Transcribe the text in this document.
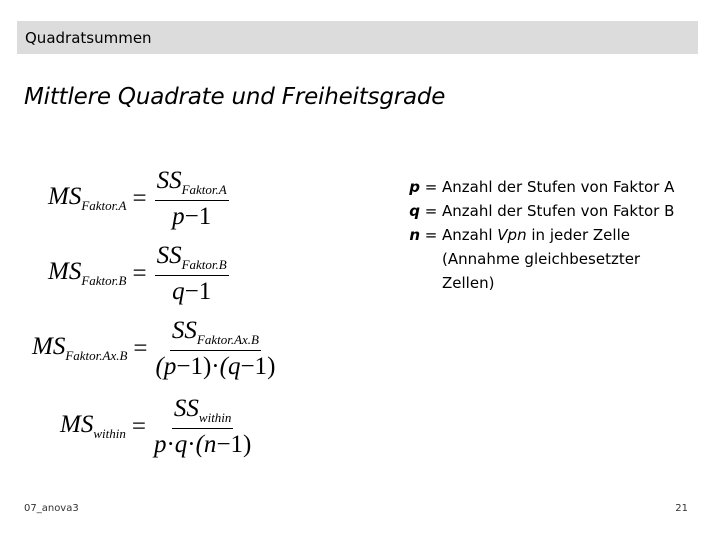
Quadratsummen
Mittlere Quadrate und Freiheitsgrade
$MS_{Faktor.A} = \frac{SS_{Faktor.A}}{p-1}$
$MS_{Faktor.B} = \frac{SS_{Faktor.B}}{q-1}$
$MS_{Faktor.Ax.B} = \frac{SS_{Faktor.Ax.B}}{(p-1)\cdot(q-1)}$
$MS_{within} = \frac{SS_{within}}{p\cdot q\cdot(n-1)}$
p = Anzahl der Stufen von Faktor A
q = Anzahl der Stufen von Faktor B
n = Anzahl Vpn in jeder Zelle (Annahme gleichbesetzter Zellen)
07_anova3	21
